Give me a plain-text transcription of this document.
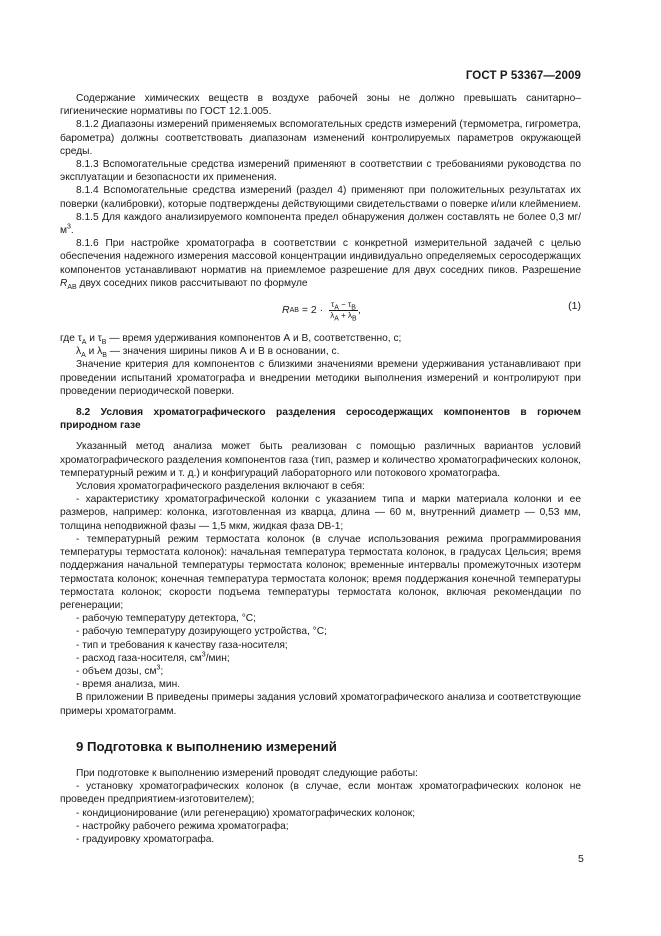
ГОСТ Р 53367—2009

Содержание химических веществ в воздухе рабочей зоны не должно превышать санитарно–гигиенические нормативы по ГОСТ 12.1.005.

8.1.2 Диапазоны измерений применяемых вспомогательных средств измерений (термометра, гигрометра, барометра) должны соответствовать диапазонам изменений контролируемых параметров окружающей среды.

8.1.3 Вспомогательные средства измерений применяют в соответствии с требованиями руководства по эксплуатации и безопасности их применения.

8.1.4 Вспомогательные средства измерений (раздел 4) применяют при положительных результатах их поверки (калибровки), которые подтверждены действующими свидетельствами о поверке и/или клеймением.

8.1.5 Для каждого анализируемого компонента предел обнаружения должен составлять не более 0,3 $мг/м^3$.

8.1.6 При настройке хроматографа в соответствии с конкретной измерительной задачей с целью обеспечения надежного измерения массовой концентрации индивидуально определяемых серосодержащих компонентов устанавливают норматив на приемлемое разрешение для двух соседних пиков. Разрешение $R_{AB}$ двух соседних пиков рассчитывают по формуле

R AB = $2 \cdot \frac{\tau_A - \tau_B}{\lambda_A + \lambda_B}$ ,	(1)

где $\tau_A$ и $\tau_B$ — время удерживания компонентов А и В, соответственно, с;

$\lambda_A$ и $\lambda_B$ — значения ширины пиков А и В в основании, с.

Значение критерия для компонентов с близкими значениями времени удерживания устанавливают при проведении испытаний хроматографа и внедрении методики выполнения измерений и контролируют при проведении периодической поверки.

8.2 Условия хроматографического разделения серосодержащих компонентов в горючем природном газе

Указанный метод анализа может быть реализован с помощью различных вариантов условий хроматографического разделения компонентов газа (тип, размер и количество хроматографических колонок, температурный режим и т. д.) и конфигураций лабораторного или потокового хроматографа.

Условия хроматографического разделения включают в себя:

- характеристику хроматографической колонки с указанием типа и марки материала колонки и ее размеров, например: колонка, изготовленная из кварца, длина — 60 м, внутренний диаметр — 0,53 мм, толщина неподвижной фазы — 1,5 мкм, жидкая фаза DB-1;

- температурный режим термостата колонок (в случае использования режима программирования температуры термостата колонок): начальная температура термостата колонок, в градусах Цельсия; время поддержания начальной температуры термостата колонок; временные интервалы промежуточных изотерм термостата колонок; конечная температура термостата колонок; время поддержания конечной температуры термостата колонок; скорости подъема температуры термостата колонок, включая рекомендации по регенерации;

- рабочую температуру детектора, °С;

- рабочую температуру дозирующего устройства, °С;

- тип и требования к качеству газа-носителя;

- расход газа-носителя, $см^3$/мин;

- объем дозы, $см^3$;

- время анализа, мин.

В приложении В приведены примеры задания условий хроматографического анализа и соответствующие примеры хроматограмм.

9 Подготовка к выполнению измерений

При подготовке к выполнению измерений проводят следующие работы:

- установку хроматографических колонок (в случае, если монтаж хроматографических колонок не проведен предприятием-изготовителем);

- кондиционирование (или регенерацию) хроматографических колонок;

- настройку рабочего режима хроматографа;

- градуировку хроматографа.

5
